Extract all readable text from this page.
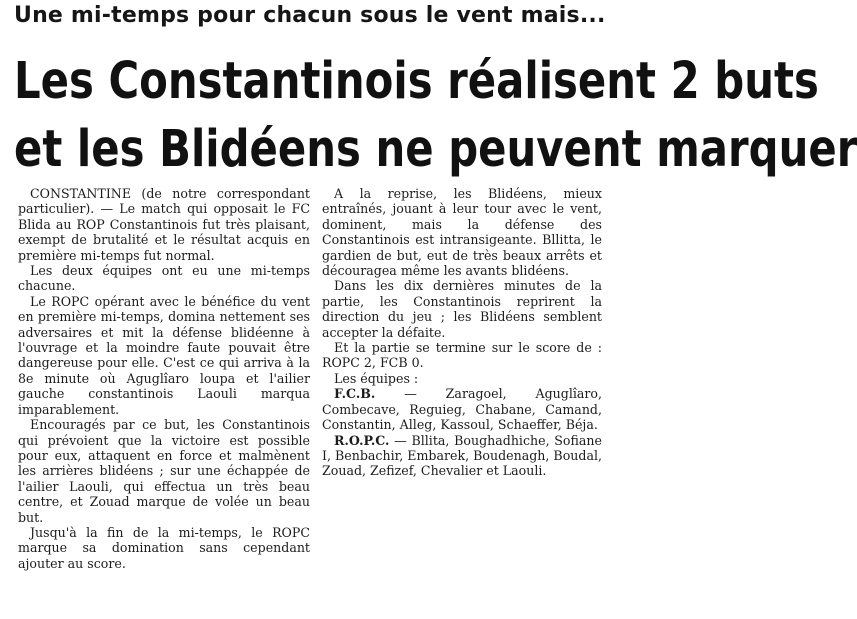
Une mi-temps pour chacun sous le vent mais...
Les Constantinois réalisent 2 buts
et les Blidéens ne peuvent marquer

CONSTANTINE (de notre correspondant particulier). — Le match qui opposait le FC Blida au ROP Constantinois fut très plaisant, exempt de brutalité et le résultat acquis en première mi-temps fut normal.

Les deux équipes ont eu une mi-temps chacune.

Le ROPC opérant avec le bénéfice du vent en première mi-temps, domina nettement ses adversaires et mit la défense blidéenne à l'ouvrage et la moindre faute pouvait être dangereuse pour elle. C'est ce qui arriva à la 8e minute où Aguglîaro loupa et l'ailier gauche constantinois Laouli marqua imparablement.

Encouragés par ce but, les Constantinois qui prévoient que la victoire est possible pour eux, attaquent en force et malmènent les arrières blidéens ; sur une échappée de l'ailier Laouli, qui effectua un très beau centre, et Zouad marque de volée un beau but.

Jusqu'à la fin de la mi-temps, le ROPC marque sa domination sans cependant ajouter au score.

A la reprise, les Blidéens, mieux entraînés, jouant à leur tour avec le vent, dominent, mais la défense des Constantinois est intransigeante. Bllitta, le gardien de but, eut de très beaux arrêts et découragea même les avants blidéens.

Dans les dix dernières minutes de la partie, les Constantinois reprirent la direction du jeu ; les Blidéens semblent accepter la défaite.

Et la partie se termine sur le score de : ROPC 2, FCB 0.

Les équipes :

F.C.B. — Zaragoel, Aguglîaro, Combecave, Reguieg, Chabane, Camand, Constantin, Alleg, Kassoul, Schaeffer, Béja.

R.O.P.C. — Bllita, Boughadhiche, Sofiane I, Benbachir, Embarek, Boudenagh, Boudal, Zouad, Zefizef, Chevalier et Laouli.
